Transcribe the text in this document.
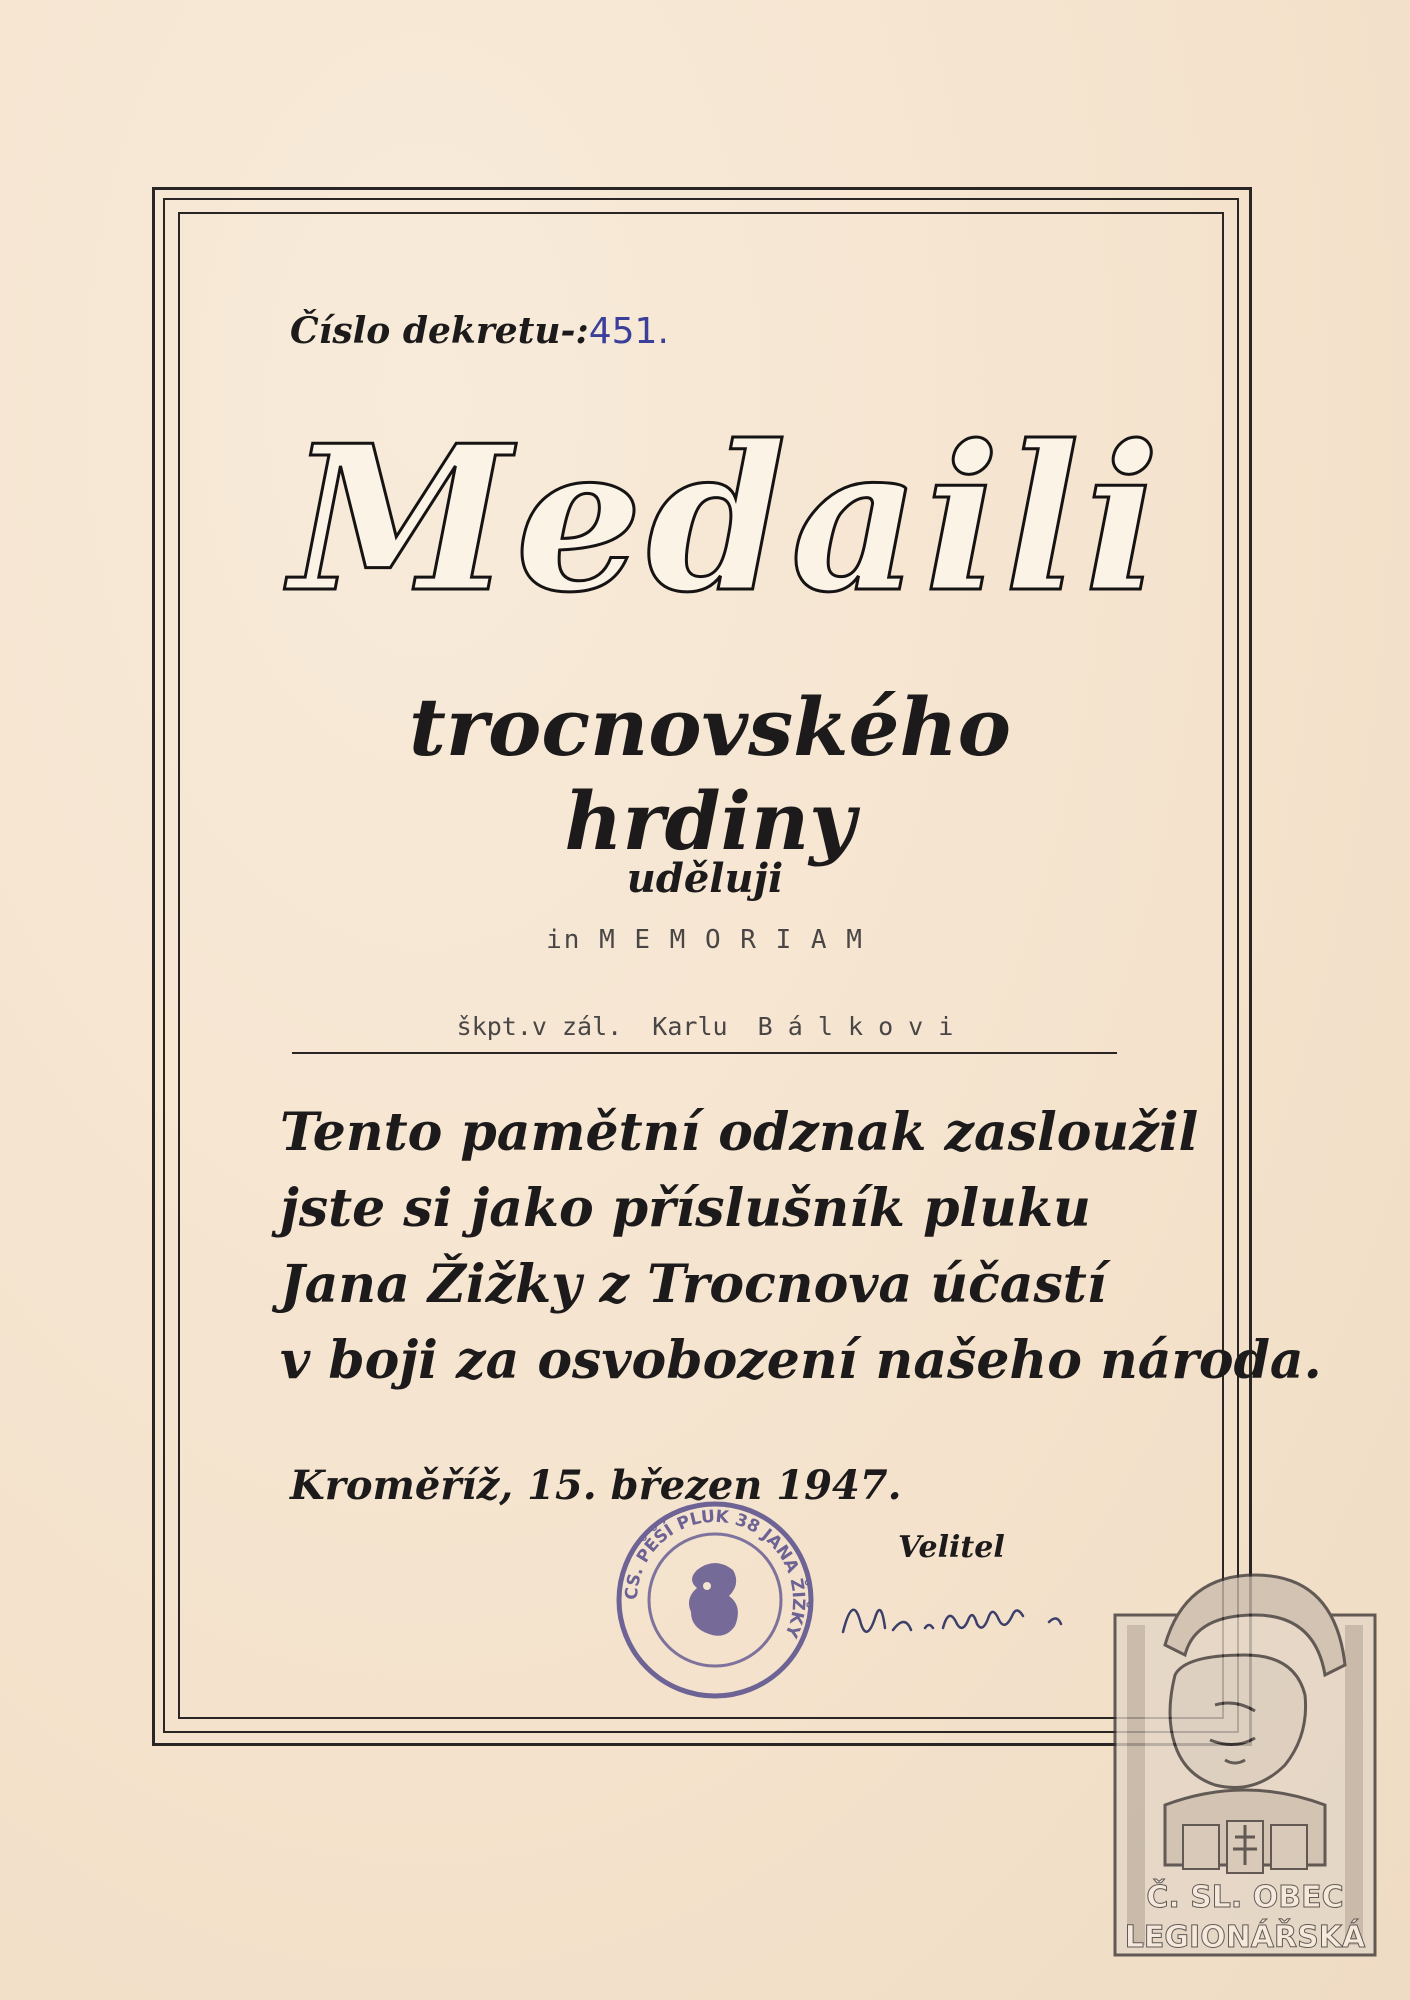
Číslo dekretu-:451.
Medaili
trocnovského hrdiny
uděluji
in M E M O R I A M
škpt.v zál.  Karlu  B á l k o v i
Tento pamětní odznak zasloužil
jste si jako příslušník pluku
Jana Žižky z Trocnova účastí
v boji za osvobození našeho národa.
Kroměříž, 15. březen 1947.
CS. PĚŠÍ PLUK 38 JANA ŽIŽKY
Velitel
Č. SL. OBEC
LEGIONÁŘSKÁ
